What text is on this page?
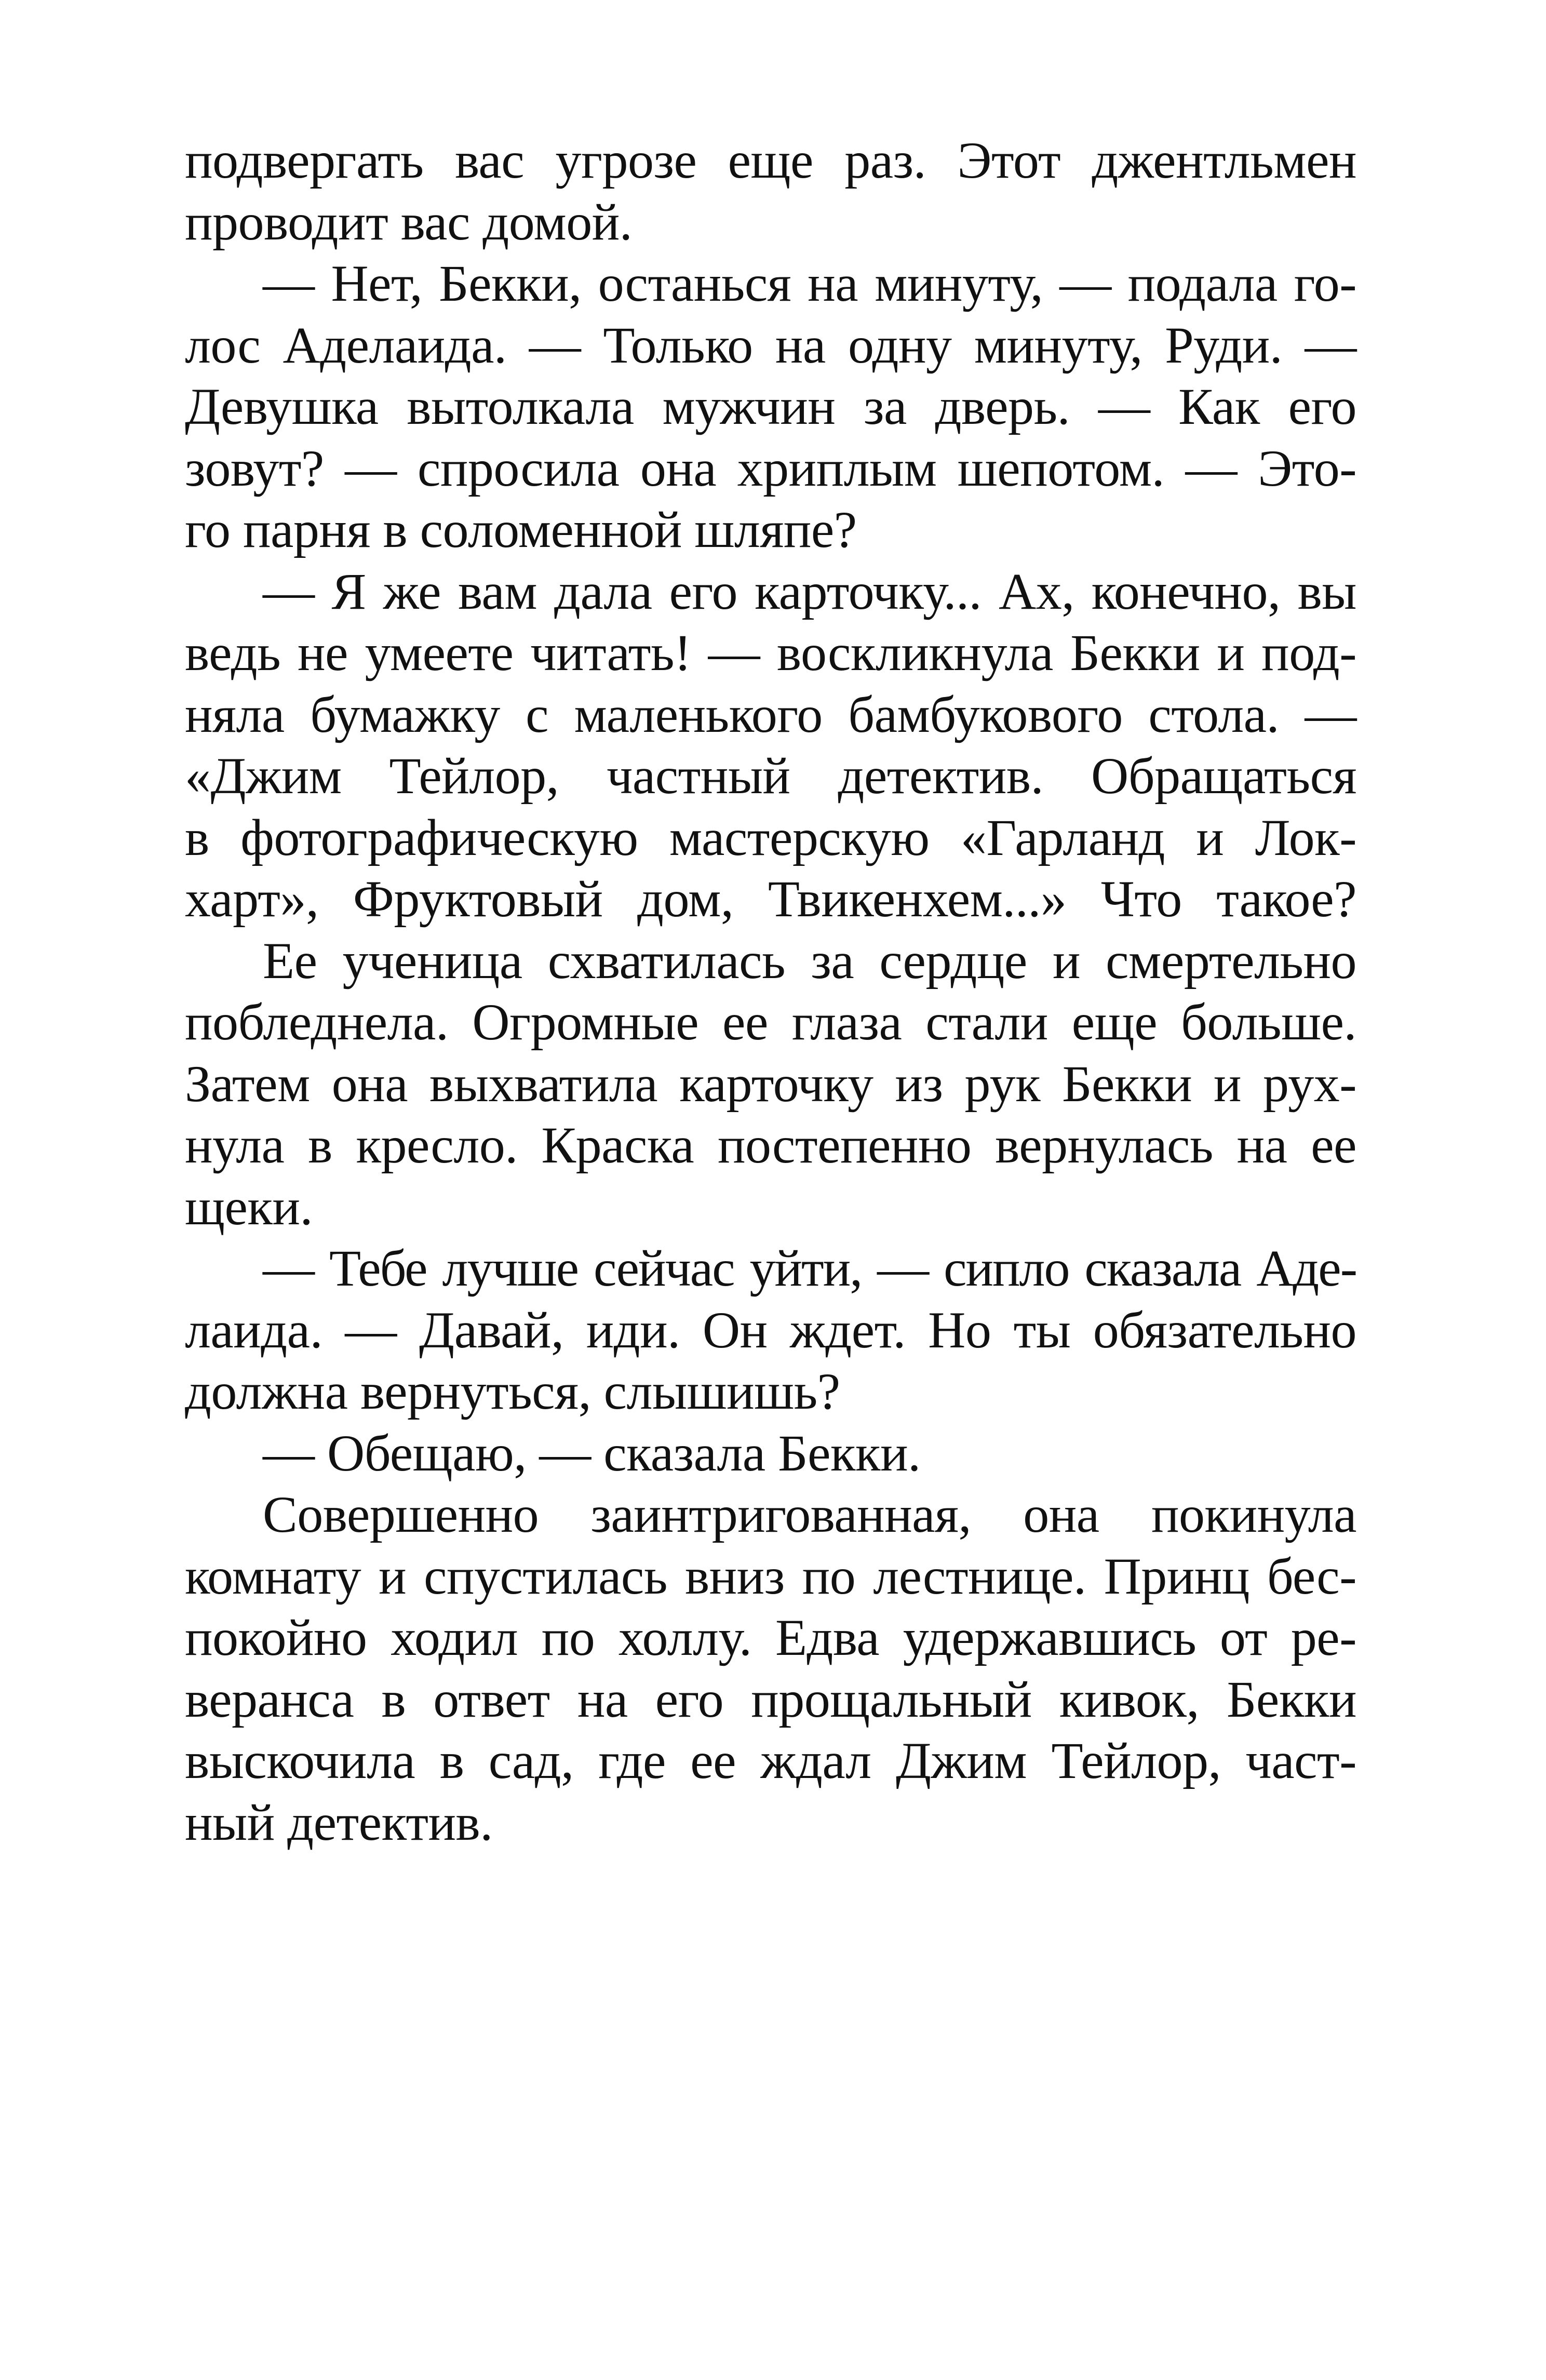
подвергать вас угрозе еще раз. Этот джентльмен
проводит вас домой.
— Нет, Бекки, останься на минуту, — подала го-
лос Аделаида. — Только на одну минуту, Руди. —
Девушка вытолкала мужчин за дверь. — Как его
зовут? — спросила она хриплым шепотом. — Это-
го парня в соломенной шляпе?
— Я же вам дала его карточку... Ах, конечно, вы
ведь не умеете читать! — воскликнула Бекки и под-
няла бумажку с маленького бамбукового стола. —
«Джим Тейлор, частный детектив. Обращаться
в фотографическую мастерскую «Гарланд и Лок-
харт», Фруктовый дом, Твикенхем...» Что такое?
Ее ученица схватилась за сердце и смертельно
побледнела. Огромные ее глаза стали еще больше.
Затем она выхватила карточку из рук Бекки и рух-
нула в кресло. Краска постепенно вернулась на ее
щеки.
— Тебе лучше сейчас уйти, — сипло сказала Аде-
лаида. — Давай, иди. Он ждет. Но ты обязательно
должна вернуться, слышишь?
— Обещаю, — сказала Бекки.
Совершенно заинтригованная, она покинула
комнату и спустилась вниз по лестнице. Принц бес-
покойно ходил по холлу. Едва удержавшись от ре-
веранса в ответ на его прощальный кивок, Бекки
выскочила в сад, где ее ждал Джим Тейлор, част-
ный детектив.
